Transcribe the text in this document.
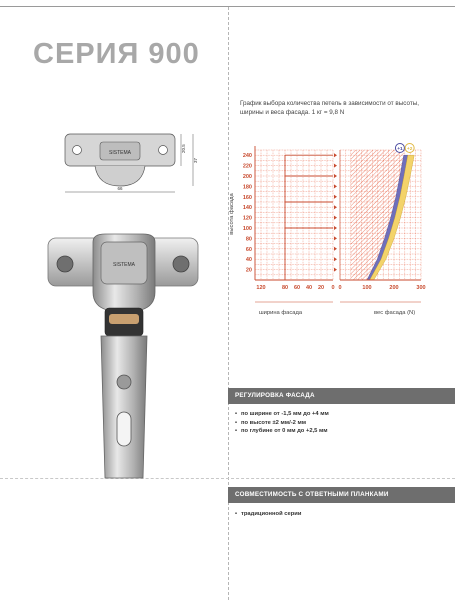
СЕРИЯ 900
SISTEMA	20.5
37
66
SISTEMA
График выбора количества петель в зависимости от высоты, ширины и веса фасада. 1 кг = 9,8 N
20
40
60
80
100
120
140
160
180
200
220
240
высота фасада
120	80 60 40 20 0 0	100	200	300
ширина фасада	вес фасада (N)
+1 +2
РЕГУЛИРОВКА ФАСАДА
• по ширине от -1,5 мм до +4 мм
• по высоте ±2 мм/-2 мм
• по глубине от 0 мм до +2,5 мм
СОВМЕСТИМОСТЬ С ОТВЕТНЫМИ ПЛАНКАМИ
• традиционной серии
